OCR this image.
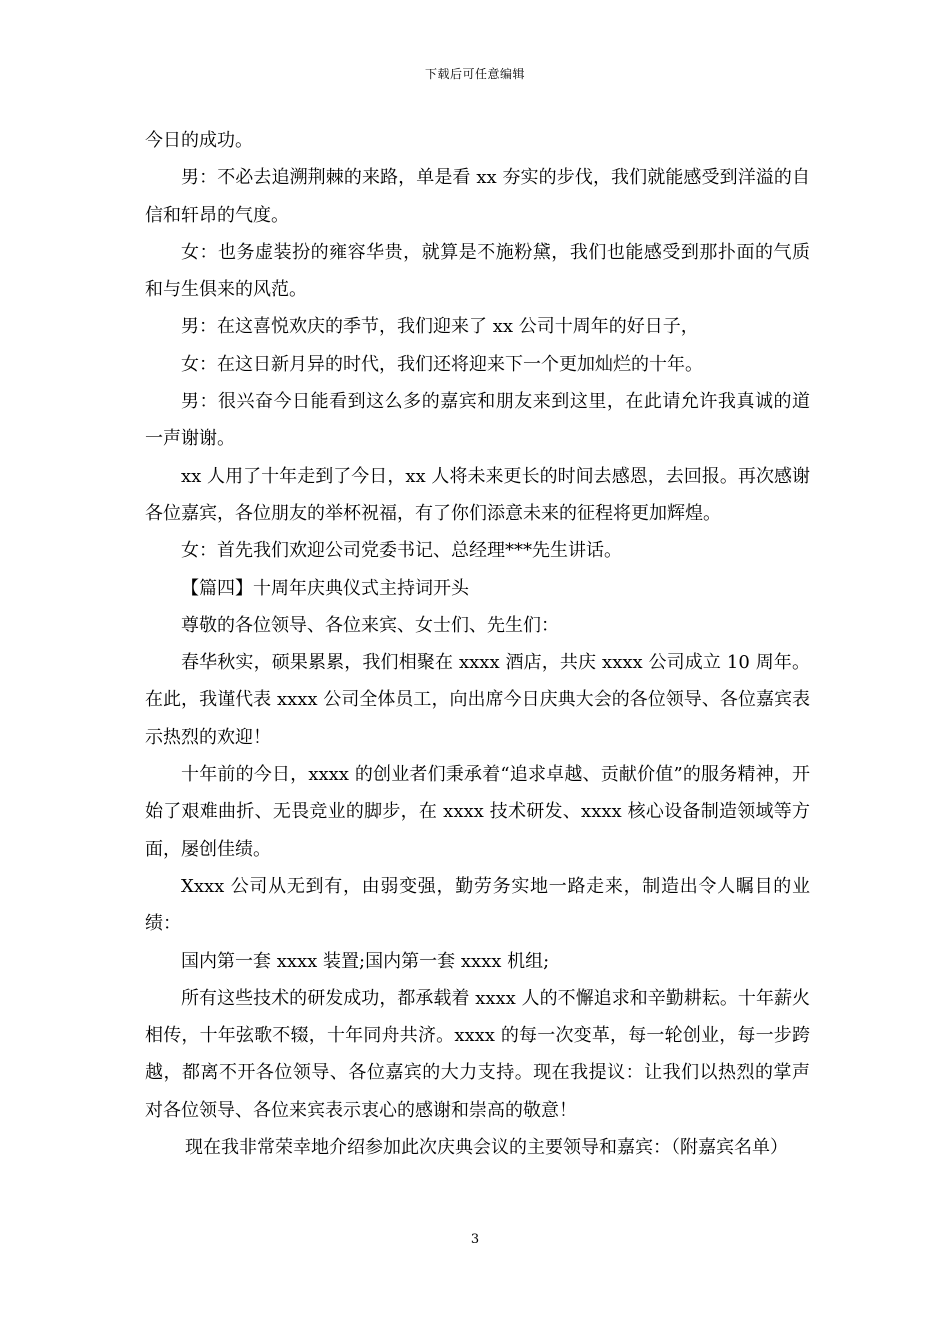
下载后可任意编辑

今日的成功。

男：不必去追溯荆棘的来路，单是看 xx 夯实的步伐，我们就能感受到洋溢的自信和轩昂的气度。

女：也务虚装扮的雍容华贵，就算是不施粉黛，我们也能感受到那扑面的气质和与生俱来的风范。

男：在这喜悦欢庆的季节，我们迎来了 xx 公司十周年的好日子，

女：在这日新月异的时代，我们还将迎来下一个更加灿烂的十年。

男：很兴奋今日能看到这么多的嘉宾和朋友来到这里，在此请允许我真诚的道一声谢谢。

xx 人用了十年走到了今日，xx 人将未来更长的时间去感恩，去回报。再次感谢各位嘉宾，各位朋友的举杯祝福，有了你们添意未来的征程将更加辉煌。

女：首先我们欢迎公司党委书记、总经理***先生讲话。

【篇四】十周年庆典仪式主持词开头

尊敬的各位领导、各位来宾、女士们、先生们：

春华秋实，硕果累累，我们相聚在 xxxx 酒店，共庆 xxxx 公司成立 10 周年。在此，我谨代表 xxxx 公司全体员工，向出席今日庆典大会的各位领导、各位嘉宾表示热烈的欢迎！

十年前的今日，xxxx 的创业者们秉承着“追求卓越、贡献价值”的服务精神，开始了艰难曲折、无畏竞业的脚步，在 xxxx 技术研发、xxxx 核心设备制造领域等方面，屡创佳绩。

Xxxx 公司从无到有，由弱变强，勤劳务实地一路走来，制造出令人瞩目的业绩：

国内第一套 xxxx 装置;国内第一套 xxxx 机组;

所有这些技术的研发成功，都承载着 xxxx 人的不懈追求和辛勤耕耘。十年薪火相传，十年弦歌不辍，十年同舟共济。xxxx 的每一次变革，每一轮创业，每一步跨越，都离不开各位领导、各位嘉宾的大力支持。现在我提议：让我们以热烈的掌声对各位领导、各位来宾表示衷心的感谢和崇高的敬意！

现在我非常荣幸地介绍参加此次庆典会议的主要领导和嘉宾：（附嘉宾名单）

3
